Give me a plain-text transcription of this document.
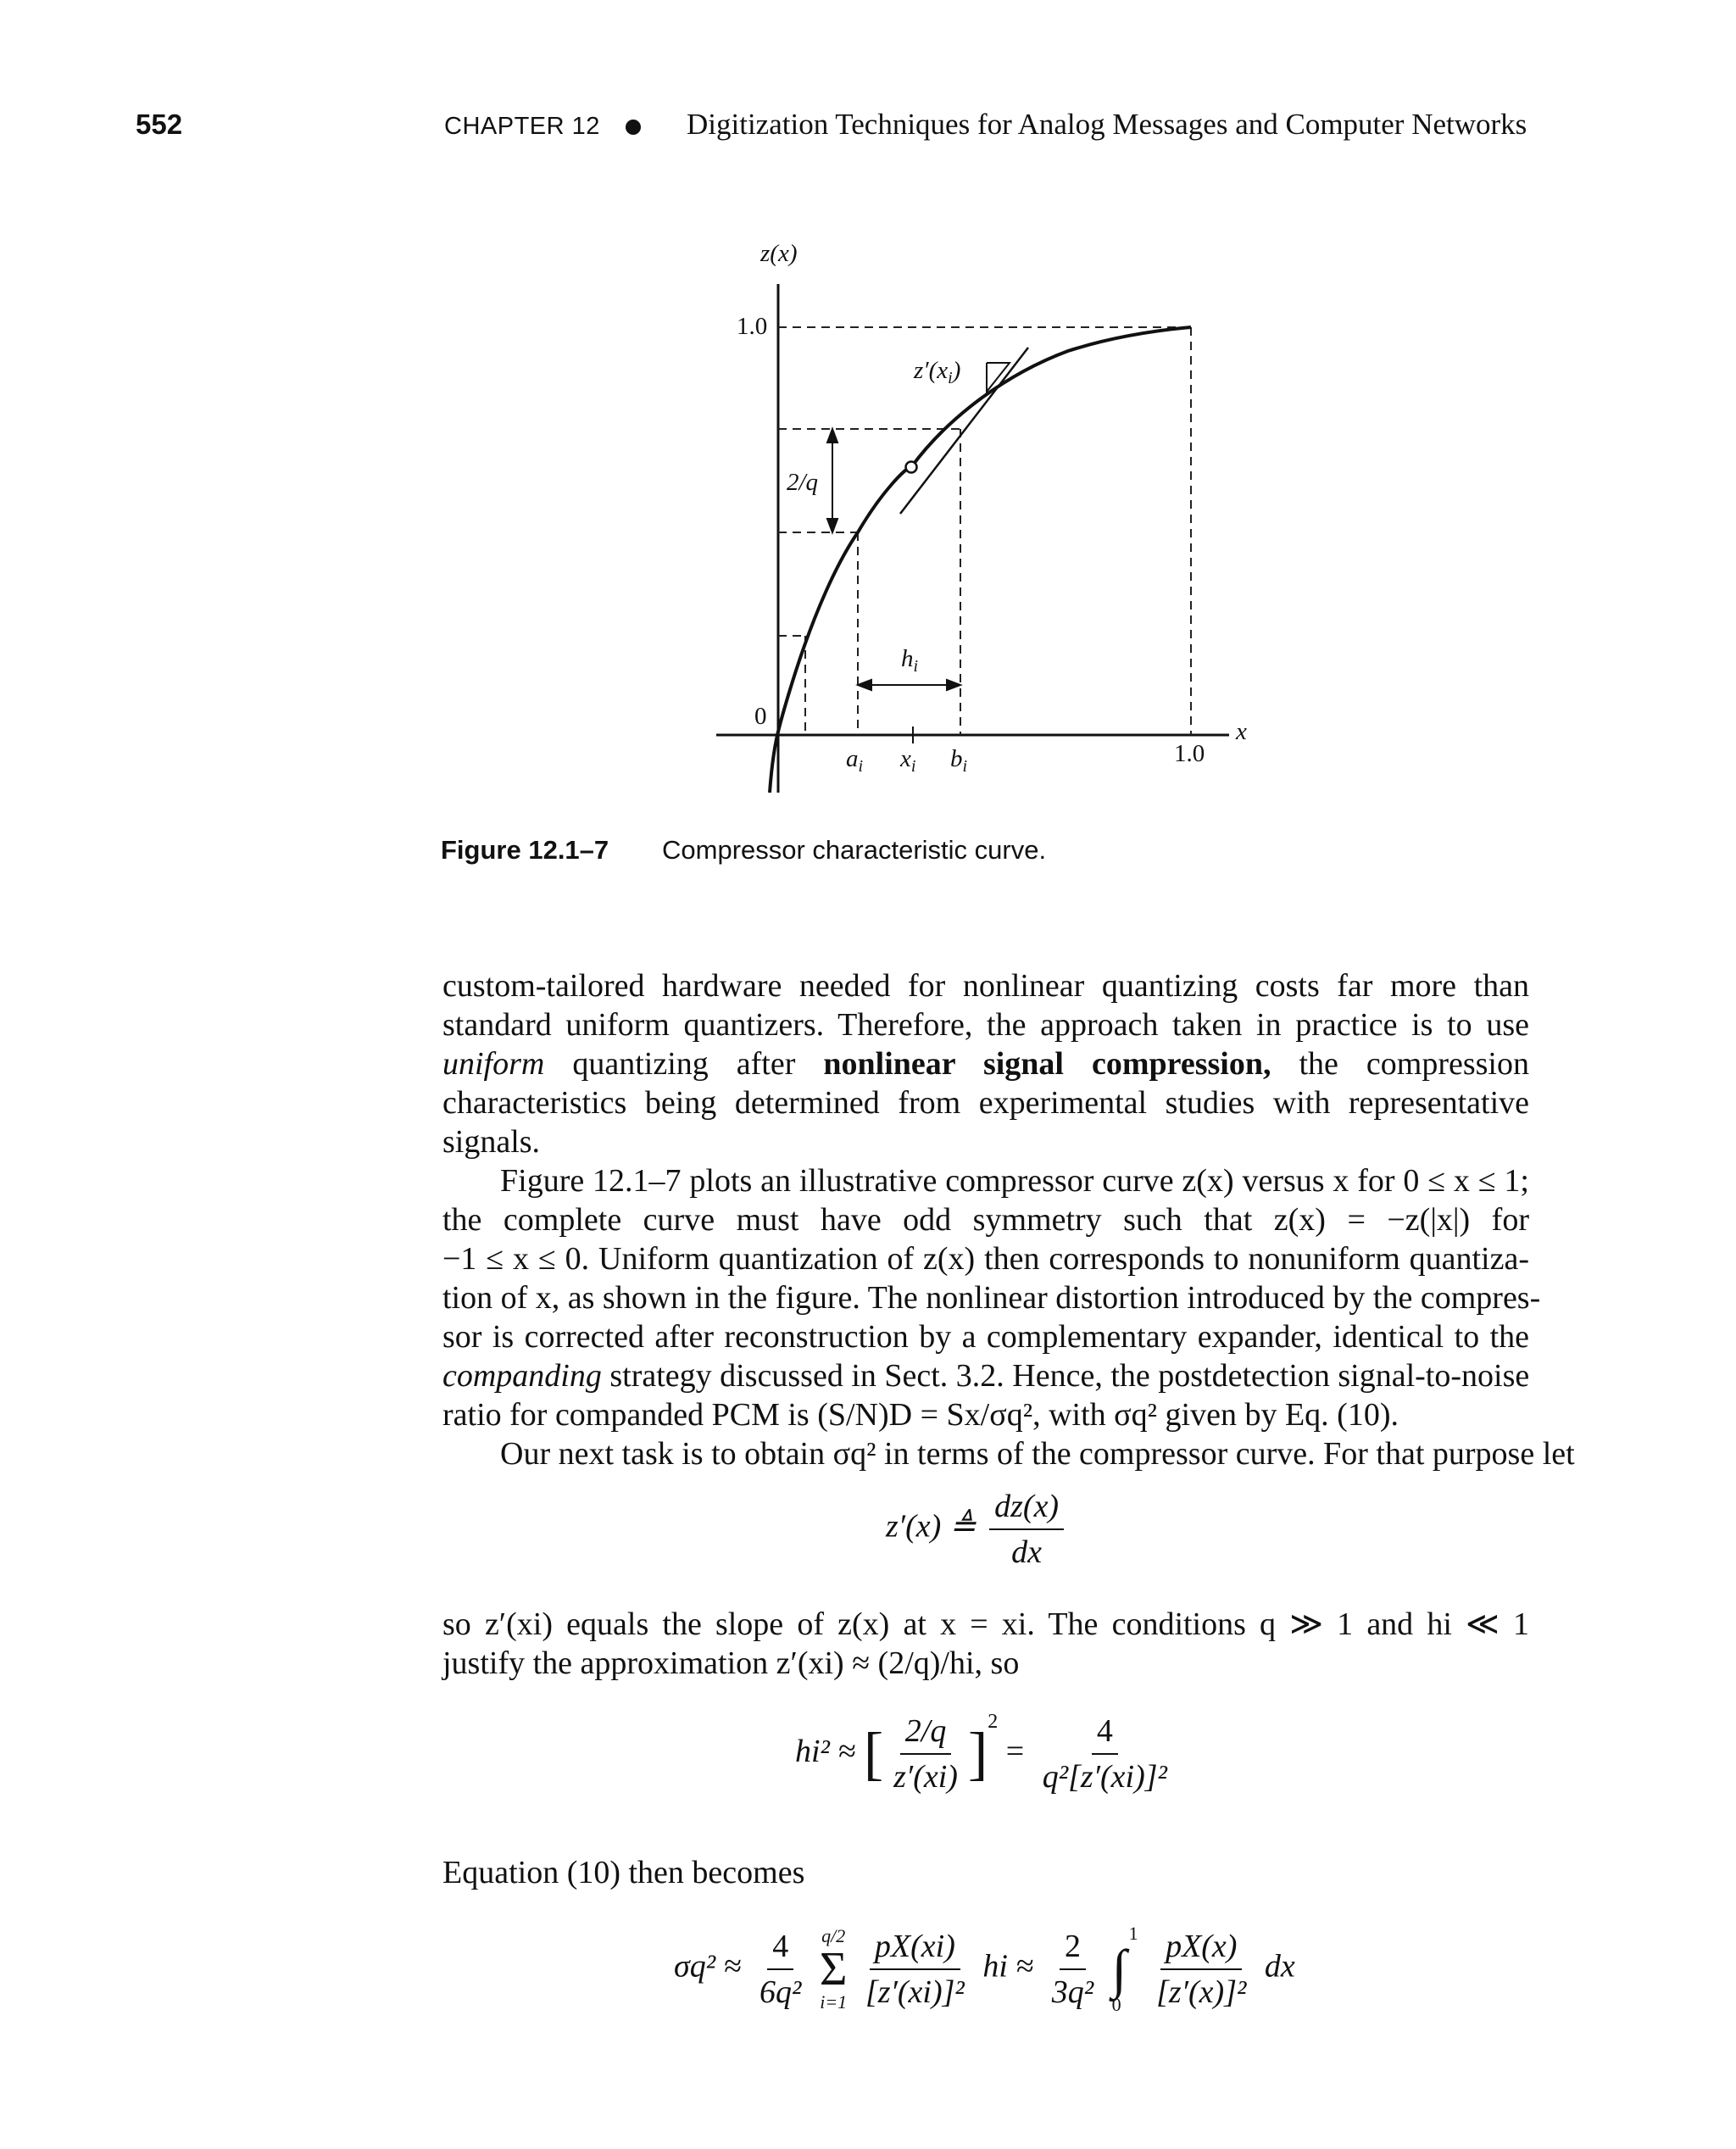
552	CHAPTER 12	Digitization Techniques for Analog Messages and Computer Networks
z(x)
1.0
0
x
1.0
$z'(x_i)$
2/q
$h_i$
$a_i$ $x_i$ $b_i$
Figure 12.1–7 Compressor characteristic curve.
custom-tailored hardware needed for nonlinear quantizing costs far more than
standard uniform quantizers. Therefore, the approach taken in practice is to use
uniform quantizing after nonlinear signal compression, the compression
characteristics being determined from experimental studies with representative
signals.
Figure 12.1–7 plots an illustrative compressor curve z(x) versus x for 0 ≤ x ≤ 1;
the complete curve must have odd symmetry such that z(x) = −z(|x|) for
−1 ≤ x ≤ 0. Uniform quantization of z(x) then corresponds to nonuniform quantiza-
tion of x, as shown in the figure. The nonlinear distortion introduced by the compres-
sor is corrected after reconstruction by a complementary expander, identical to the
companding strategy discussed in Sect. 3.2. Hence, the postdetection signal-to-noise
ratio for companded PCM is (S/N)D = Sx/σq², with σq² given by Eq. (10).
Our next task is to obtain σq² in terms of the compressor curve. For that purpose let
z′(x) ≜ $\frac{dz(x)}{dx}$
so z′(xi) equals the slope of z(x) at x = xi. The conditions q ≫ 1 and hi ≪ 1
justify the approximation z′(xi) ≈ (2/q)/hi, so
hi² ≈ [ $\frac{2/q}{z'(xi)} ]^2 = \frac{4}{\text{q²[z′(xi)]²}}$
Equation (10) then becomes
$\sigma q^2 \approx \frac{4}{\text{6q²}}$
q/2
Σ
i=1
$\frac{pX(xi)}{\text{[z′(xi)]²}}$ hi ≈ $\frac{2}{\text{3q²}}$
	1
∫
0
$\frac{pX(x)}{\text{[z′(x)]²}}$ dx
